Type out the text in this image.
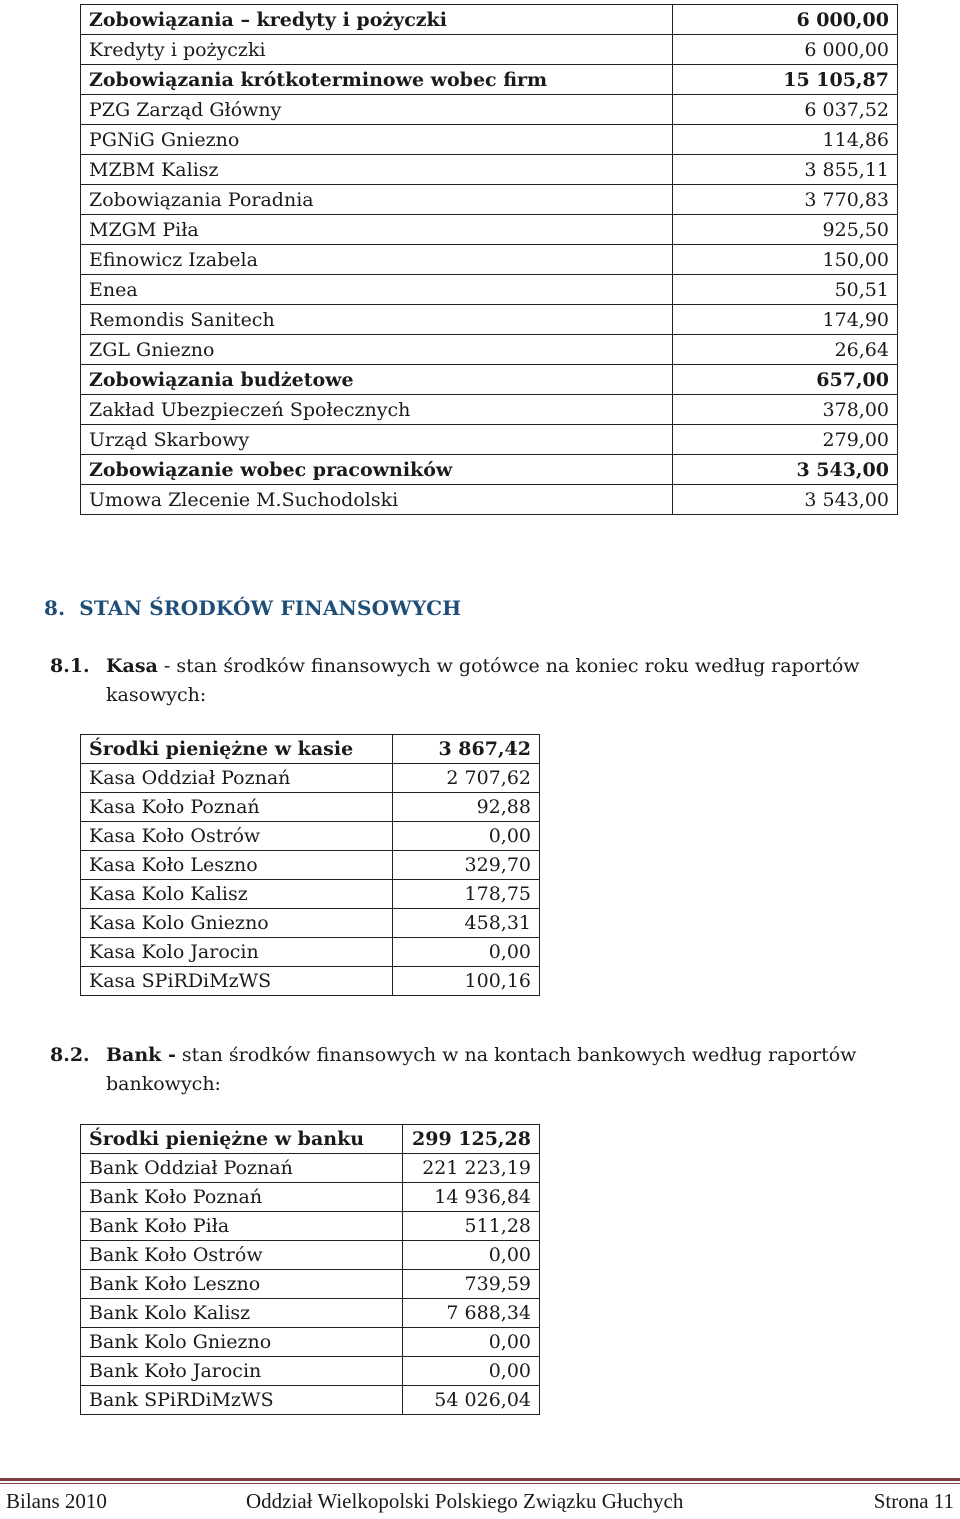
Zobowiązania – kredyty i pożyczki	6 000,00
Kredyty i pożyczki	6 000,00
Zobowiązania krótkoterminowe wobec firm	15 105,87
PZG Zarząd Główny	6 037,52
PGNiG Gniezno	114,86
MZBM Kalisz	3 855,11
Zobowiązania Poradnia	3 770,83
MZGM Piła	925,50
Efinowicz Izabela	150,00
Enea	50,51
Remondis Sanitech	174,90
ZGL Gniezno	26,64
Zobowiązania budżetowe	657,00
Zakład Ubezpieczeń Społecznych	378,00
Urząd Skarbowy	279,00
Zobowiązanie wobec pracowników	3 543,00
Umowa Zlecenie M.Suchodolski	3 543,00
8. STAN ŚRODKÓW FINANSOWYCH
8.1. Kasa - stan środków finansowych w gotówce na koniec roku według raportów
kasowych:
Środki pieniężne w kasie	3 867,42
Kasa Oddział Poznań	2 707,62
Kasa Koło Poznań	92,88
Kasa Koło Ostrów	0,00
Kasa Koło Leszno	329,70
Kasa Kolo Kalisz	178,75
Kasa Kolo Gniezno	458,31
Kasa Kolo Jarocin	0,00
Kasa SPiRDiMzWS	100,16
8.2. Bank - stan środków finansowych w na kontach bankowych według raportów
bankowych:
Środki pieniężne w banku	299 125,28
Bank Oddział Poznań	221 223,19
Bank Koło Poznań	14 936,84
Bank Koło Piła	511,28
Bank Koło Ostrów	0,00
Bank Koło Leszno	739,59
Bank Kolo Kalisz	7 688,34
Bank Kolo Gniezno	0,00
Bank Koło Jarocin	0,00
Bank SPiRDiMzWS	54 026,04
Bilans 2010	Oddział Wielkopolski Polskiego Związku Głuchych	Strona 11
